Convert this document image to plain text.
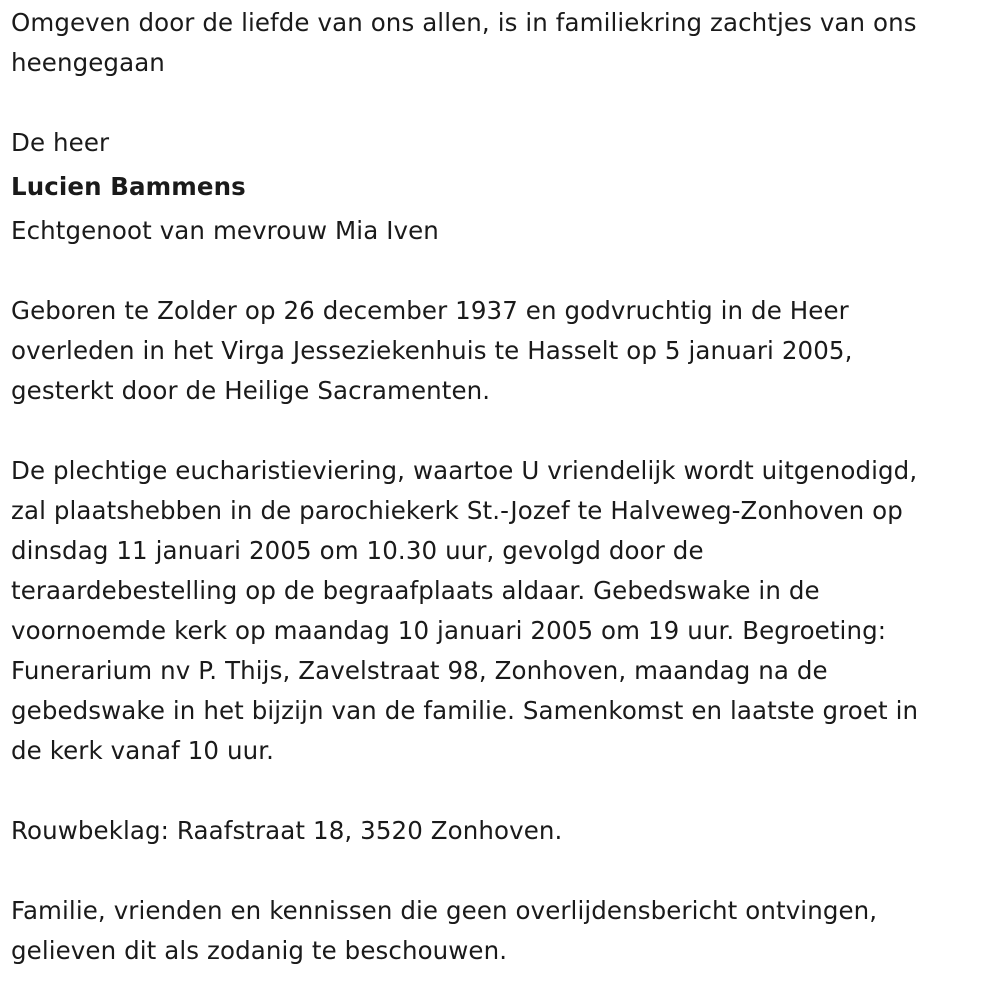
Omgeven door de liefde van ons allen, is in familiekring zachtjes van ons
heengegaan

De heer

Lucien Bammens

Echtgenoot van mevrouw Mia Iven

Geboren te Zolder op 26 december 1937 en godvruchtig in de Heer
overleden in het Virga Jesseziekenhuis te Hasselt op 5 januari 2005,
gesterkt door de Heilige Sacramenten.

De plechtige eucharistieviering, waartoe U vriendelijk wordt uitgenodigd,
zal plaatshebben in de parochiekerk St.-Jozef te Halveweg-Zonhoven op
dinsdag 11 januari 2005 om 10.30 uur, gevolgd door de
teraardebestelling op de begraafplaats aldaar. Gebedswake in de
voornoemde kerk op maandag 10 januari 2005 om 19 uur. Begroeting:
Funerarium nv P. Thijs, Zavelstraat 98, Zonhoven, maandag na de
gebedswake in het bijzijn van de familie. Samenkomst en laatste groet in
de kerk vanaf 10 uur.

Rouwbeklag: Raafstraat 18, 3520 Zonhoven.

Familie, vrienden en kennissen die geen overlijdensbericht ontvingen,
gelieven dit als zodanig te beschouwen.
